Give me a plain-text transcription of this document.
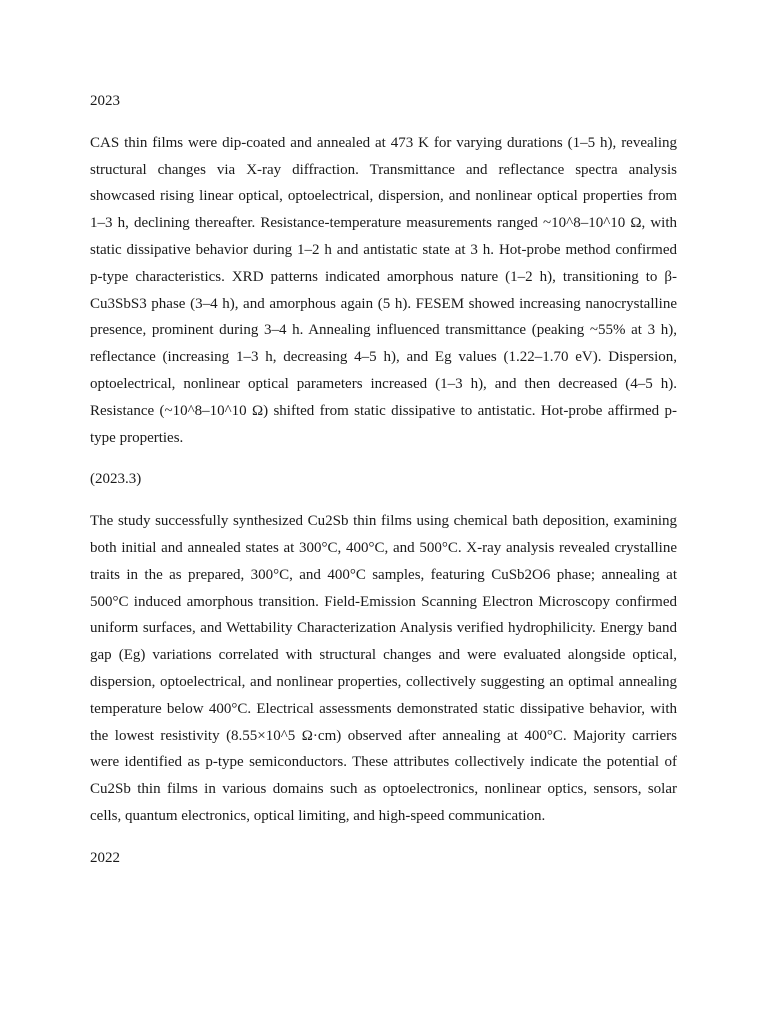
2023

CAS thin films were dip-coated and annealed at 473 K for varying durations (1–5 h), revealing structural changes via X-ray diffraction. Transmittance and reflectance spectra analysis showcased rising linear optical, optoelectrical, dispersion, and nonlinear optical properties from 1–3 h, declining thereafter. Resistance-temperature measurements ranged ~10^8–10^10 Ω, with static dissipative behavior during 1–2 h and antistatic state at 3 h. Hot-probe method confirmed p-type characteristics. XRD patterns indicated amorphous nature (1–2 h), transitioning to β-Cu3SbS3 phase (3–4 h), and amorphous again (5 h). FESEM showed increasing nanocrystalline presence, prominent during 3–4 h. Annealing influenced transmittance (peaking ~55% at 3 h), reflectance (increasing 1–3 h, decreasing 4–5 h), and Eg values (1.22–1.70 eV). Dispersion, optoelectrical, nonlinear optical parameters increased (1–3 h), and then decreased (4–5 h). Resistance (~10^8–10^10 Ω) shifted from static dissipative to antistatic. Hot-probe affirmed p-type properties.

(2023.3)

The study successfully synthesized Cu2Sb thin films using chemical bath deposition, examining both initial and annealed states at 300°C, 400°C, and 500°C. X-ray analysis revealed crystalline traits in the as prepared, 300°C, and 400°C samples, featuring CuSb2O6 phase; annealing at 500°C induced amorphous transition. Field-Emission Scanning Electron Microscopy confirmed uniform surfaces, and Wettability Characterization Analysis verified hydrophilicity. Energy band gap (Eg) variations correlated with structural changes and were evaluated alongside optical, dispersion, optoelectrical, and nonlinear properties, collectively suggesting an optimal annealing temperature below 400°C. Electrical assessments demonstrated static dissipative behavior, with the lowest resistivity (8.55×10^5 Ω·cm) observed after annealing at 400°C. Majority carriers were identified as p-type semiconductors. These attributes collectively indicate the potential of Cu2Sb thin films in various domains such as optoelectronics, nonlinear optics, sensors, solar cells, quantum electronics, optical limiting, and high-speed communication.

2022
